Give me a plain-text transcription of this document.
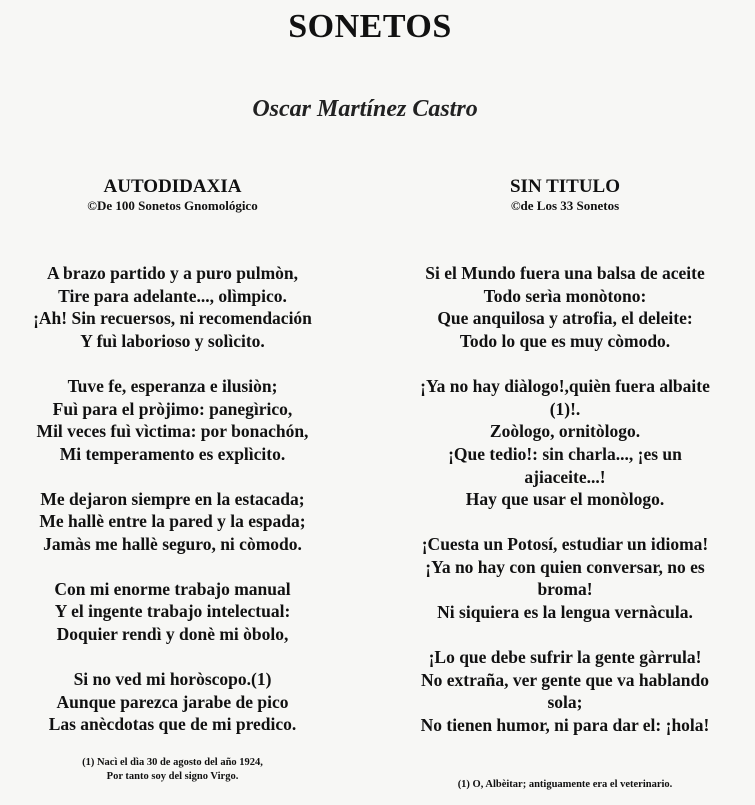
SONETOS
Oscar Martínez Castro
AUTODIDAXIA
©De 100 Sonetos Gnomológico
A brazo partido y a puro pulmòn,
Tire para adelante..., olìmpico.
¡Ah! Sin recuersos, ni recomendación
Y fuì laborioso y solìcito.
Tuve fe, esperanza e ilusiòn;
Fuì para el pròjimo: panegìrico,
Mil veces fuì vìctima: por bonachón,
Mi temperamento es explìcito.
Me dejaron siempre en la estacada;
Me hallè entre la pared y la espada;
Jamàs me hallè seguro, ni còmodo.
Con mi enorme trabajo manual
Y el ingente trabajo intelectual:
Doquier rendì y donè mi òbolo,
Si no ved mi horòscopo.(1)
Aunque parezca jarabe de pico
Las anècdotas que de mi predico.
SIN TITULO
©de Los 33 Sonetos
Si el Mundo fuera una balsa de aceite
Todo serìa monòtono:
Que anquilosa y atrofia, el deleite:
Todo lo que es muy còmodo.
¡Ya no hay diàlogo!,quièn fuera albaite
(1)!.
Zoòlogo, ornitòlogo.
¡Que tedio!: sin charla..., ¡es un
ajiaceite...!
Hay que usar el monòlogo.
¡Cuesta un Potosí, estudiar un idioma!
¡Ya no hay con quien conversar, no es
broma!
Ni siquiera es la lengua vernàcula.
¡Lo que debe sufrir la gente gàrrula!
No extraña, ver gente que va hablando
sola;
No tienen humor, ni para dar el: ¡hola!
(1) Nacì el dìa 30 de agosto del año 1924,
Por tanto soy del signo Virgo.
(1) O, Albèitar; antiguamente era el veterinario.
